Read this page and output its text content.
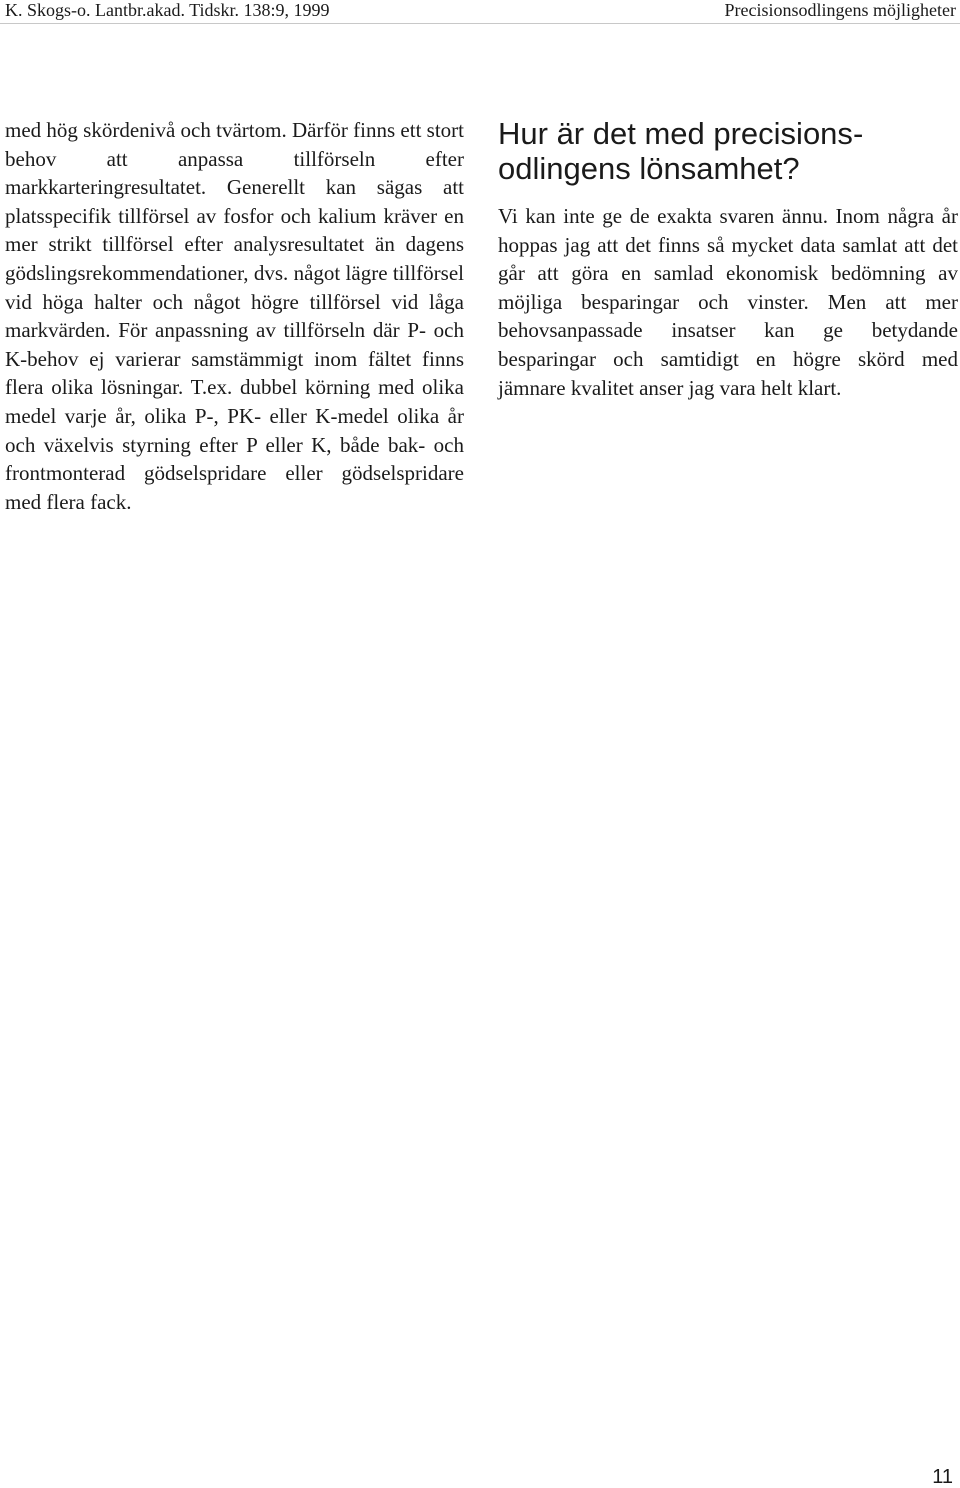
K. Skogs-o. Lantbr.akad. Tidskr. 138:9, 1999	Precisionsodlingens möjligheter

med hög skördenivå och tvärtom. Därför finns ett stort behov att anpassa tillförseln efter markkarteringresultatet. Generellt kan sägas att platsspecifik tillförsel av fosfor och kalium kräver en mer strikt tillförsel efter analysresultatet än dagens gödslingsrekommendationer, dvs. något lägre tillförsel vid höga halter och något högre tillförsel vid låga markvärden. För anpassning av tillförseln där P- och K-behov ej varierar samstämmigt inom fältet finns flera olika lösningar. T.ex. dubbel körning med olika medel varje år, olika P-, PK- eller K-medel olika år och växelvis styrning efter P eller K, både bak- och frontmonterad gödselspridare eller gödselspridare med flera fack.

Hur är det med precisionsodlingens lönsamhet?

Vi kan inte ge de exakta svaren ännu. Inom några år hoppas jag att det finns så mycket data samlat att det går att göra en samlad ekonomisk bedömning av möjliga besparingar och vinster. Men att mer behovsanpassade insatser kan ge betydande besparingar och samtidigt en högre skörd med jämnare kvalitet anser jag vara helt klart.

11
